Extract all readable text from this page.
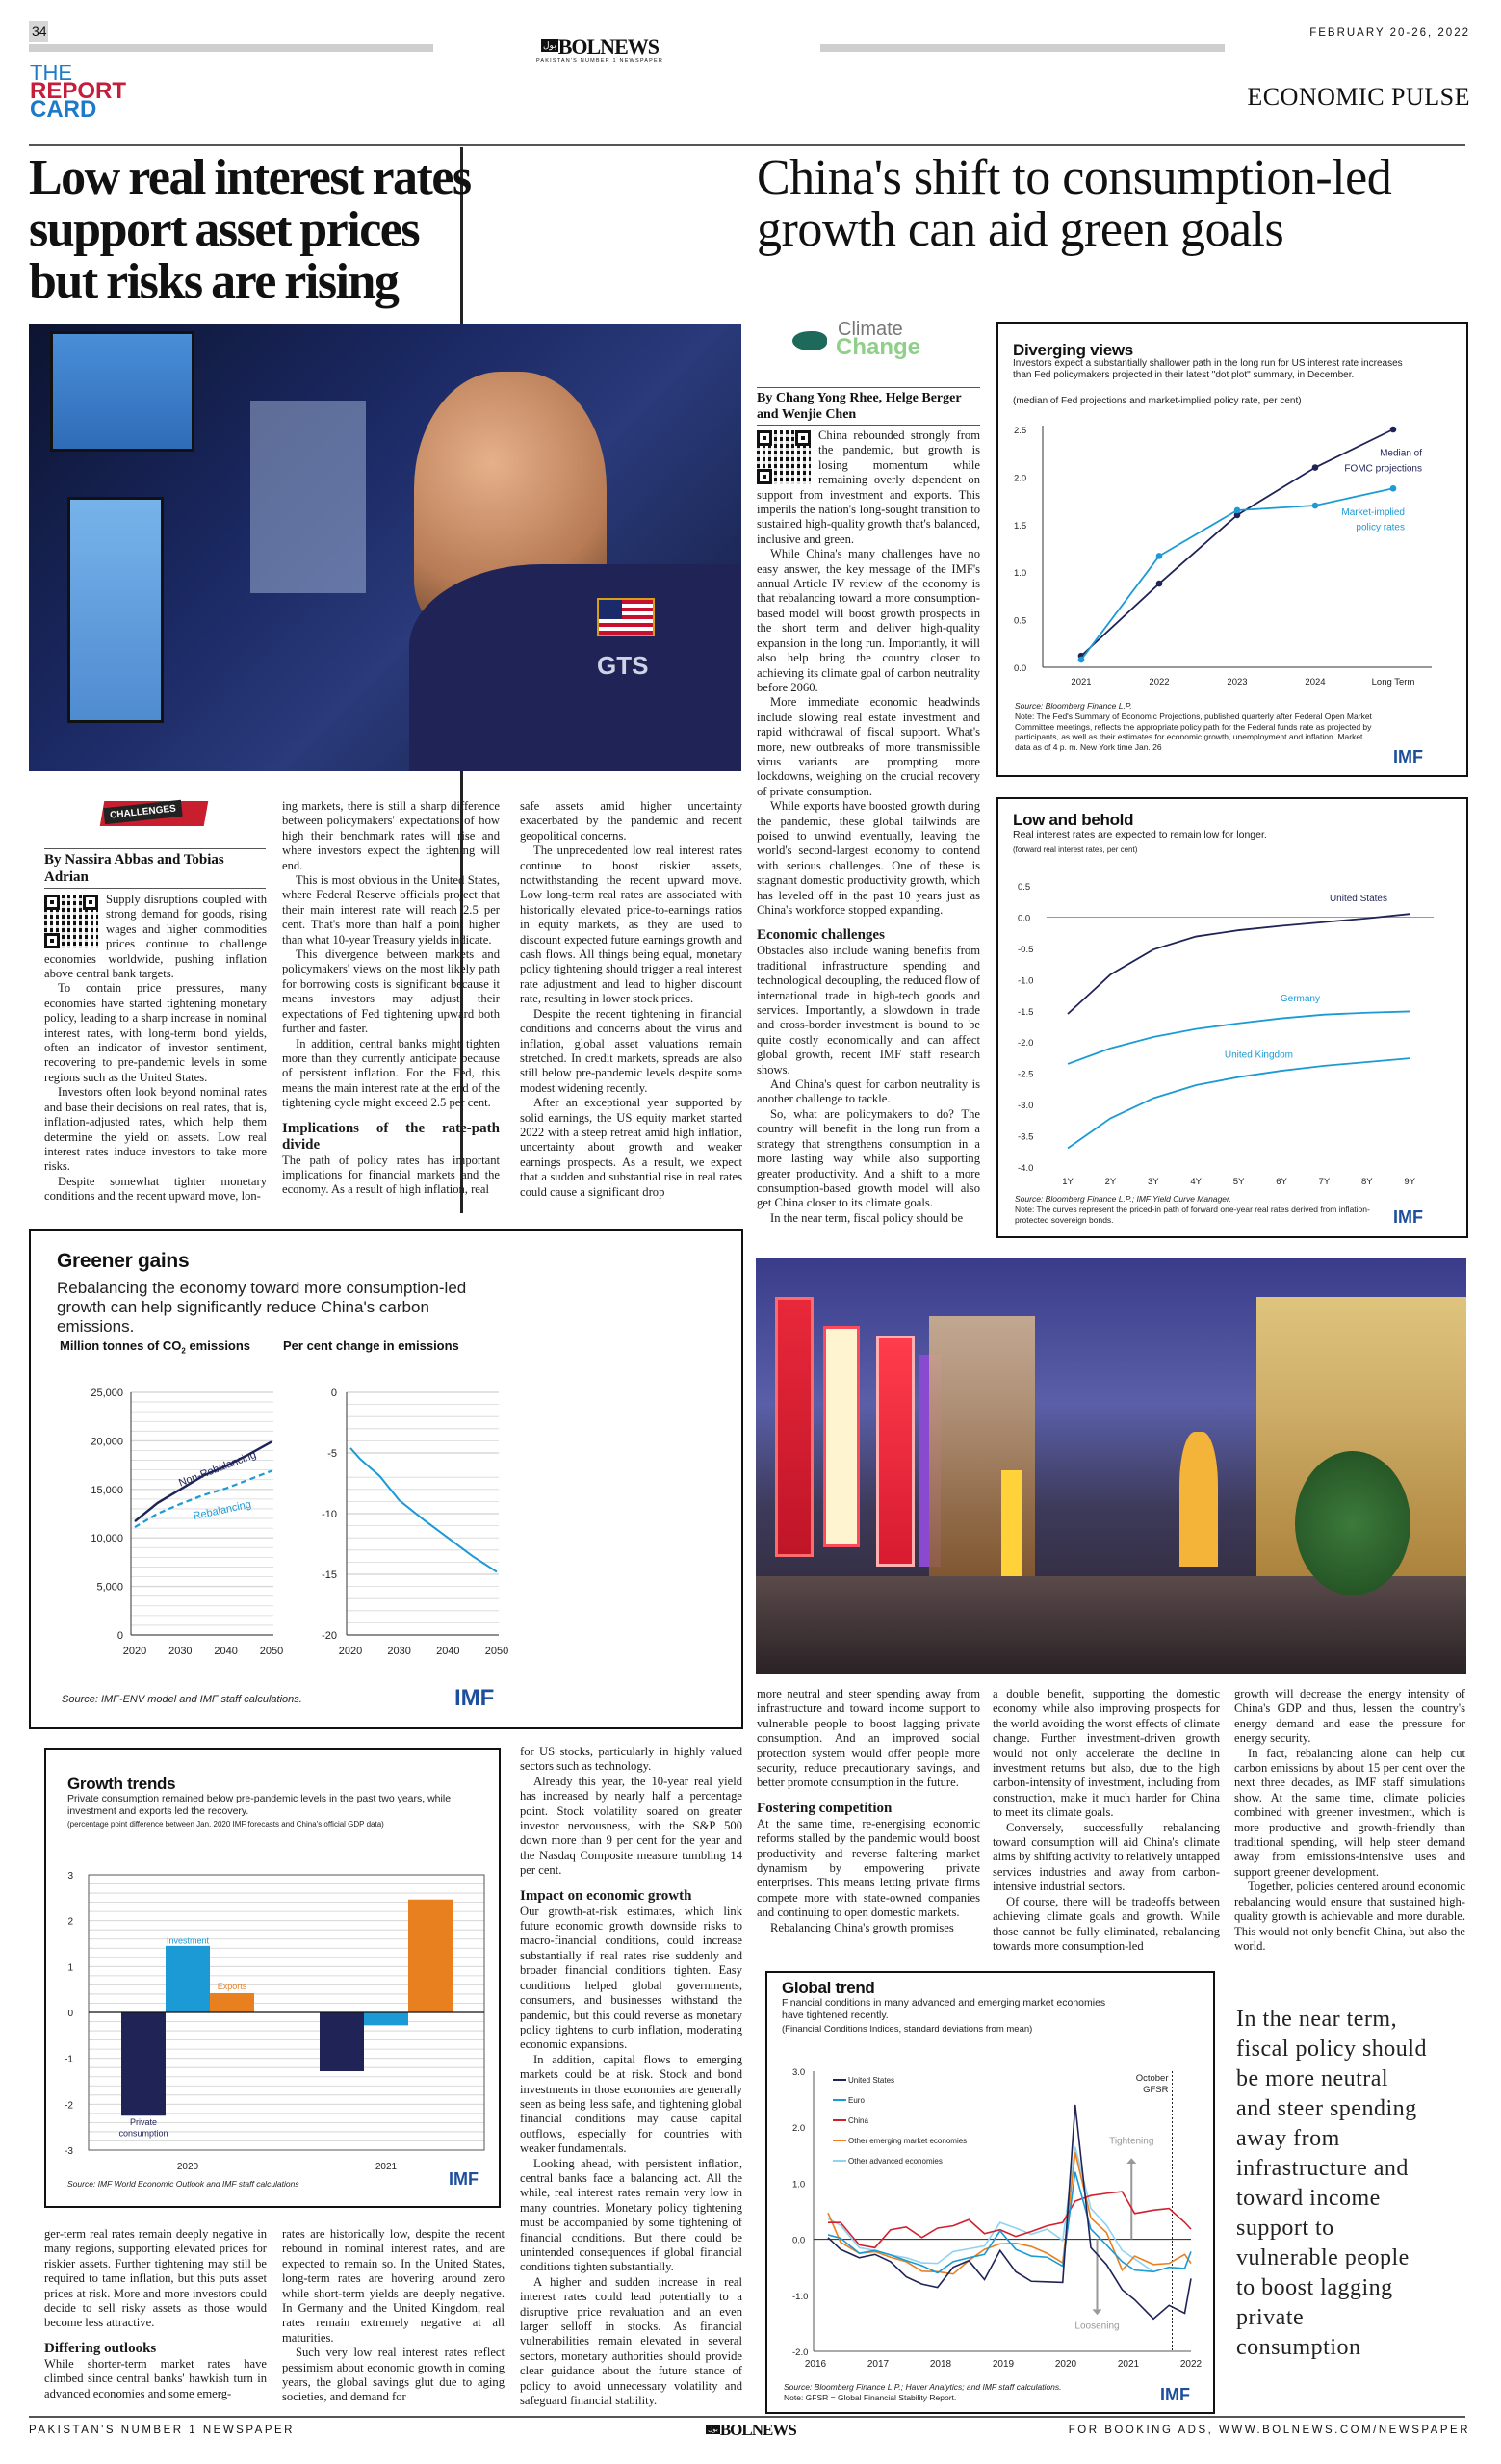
34
بولBOLNEWS
PAKISTAN'S NUMBER 1 NEWSPAPER
FEBRUARY 20-26, 2022
THE
REPORT
CARD	ECONOMIC PULSE
Low real interest rates support asset prices but risks are rising
GTS
CHALLENGES
By Nassira Abbas and Tobias Adrian

Supply disruptions coupled with strong demand for goods, rising wages and higher commodities prices continue to challenge economies worldwide, pushing inflation above central bank targets.

To contain price pressures, many economies have started tightening monetary policy, leading to a sharp increase in nominal interest rates, with long-term bond yields, often an indicator of investor sentiment, recovering to pre-pandemic levels in some regions such as the United States.

Investors often look beyond nominal rates and base their decisions on real rates, that is, inflation-adjusted rates, which help them determine the yield on assets. Low real interest rates induce investors to take more risks.

Despite somewhat tighter monetary conditions and the recent upward move, lon-

ing markets, there is still a sharp difference between policymakers' expectations of how high their benchmark rates will rise and where investors expect the tightening will end.

This is most obvious in the United States, where Federal Reserve officials project that their main interest rate will reach 2.5 per cent. That's more than half a point higher than what 10-year Treasury yields indicate.

This divergence between markets and policymakers' views on the most likely path for borrowing costs is significant because it means investors may adjust their expectations of Fed tightening upward both further and faster.

In addition, central banks might tighten more than they currently anticipate because of persistent inflation. For the Fed, this means the main interest rate at the end of the tightening cycle might exceed 2.5 per cent.

Implications of the rate-path divide

The path of policy rates has important implications for financial markets and the economy. As a result of high inflation, real

safe assets amid higher uncertainty exacerbated by the pandemic and recent geopolitical concerns.

The unprecedented low real interest rates continue to boost riskier assets, notwithstanding the recent upward move. Low long-term real rates are associated with historically elevated price-to-earnings ratios in equity markets, as they are used to discount expected future earnings growth and cash flows. All things being equal, monetary policy tightening should trigger a real interest rate adjustment and lead to higher discount rate, resulting in lower stock prices.

Despite the recent tightening in financial conditions and concerns about the virus and inflation, global asset valuations remain stretched. In credit markets, spreads are also still below pre-pandemic levels despite some modest widening recently.

After an exceptional year supported by solid earnings, the US equity market started 2022 with a steep retreat amid high inflation, uncertainty about growth and weaker earnings prospects. As a result, we expect that a sudden and substantial rise in real rates could cause a significant drop

China's shift to consumption-led growth can aid green goals
Climate
Change
By Chang Yong Rhee, Helge Berger and Wenjie Chen

China rebounded strongly from the pandemic, but growth is losing momentum while remaining overly dependent on support from investment and exports. This imperils the nation's long-sought transition to sustained high-quality growth that's balanced, inclusive and green.

While China's many challenges have no easy answer, the key message of the IMF's annual Article IV review of the economy is that rebalancing toward a more consumption-based model will boost growth prospects in the short term and deliver high-quality expansion in the long run. Importantly, it will also help bring the country closer to achieving its climate goal of carbon neutrality before 2060.

More immediate economic headwinds include slowing real estate investment and rapid withdrawal of fiscal support. What's more, new outbreaks of more transmissible virus variants are prompting more lockdowns, weighing on the crucial recovery of private consumption.

While exports have boosted growth during the pandemic, these global tailwinds are poised to unwind eventually, leaving the world's second-largest economy to contend with serious challenges. One of these is stagnant domestic productivity growth, which has leveled off in the past 10 years just as China's workforce stopped expanding.

Economic challenges

Obstacles also include waning benefits from traditional infrastructure spending and technological decoupling, the reduced flow of international trade in high-tech goods and services. Importantly, a slowdown in trade and cross-border investment is bound to be quite costly economically and can affect global growth, recent IMF staff research shows.

And China's quest for carbon neutrality is another challenge to tackle.

So, what are policymakers to do? The country will benefit in the long run from a strategy that strengthens consumption in a more lasting way while also supporting greater productivity. And a shift to a more consumption-based growth model will also get China closer to its climate goals.

In the near term, fiscal policy should be

Diverging views
Investors expect a substantially shallower path in the long run for US interest rate increases than Fed policymakers projected in their latest "dot plot" summary, in December.
(median of Fed projections and market-implied policy rate, per cent)
0.0
0.5
1.0
1.5
2.0
2.5
2021	2022	2023	2024	Long Term
Median of
FOMC projections
Market-implied
policy rates
Source: Bloomberg Finance L.P.
Note: The Fed's Summary of Economic Projections, published quarterly after Federal Open Market Committee meetings, reflects the appropriate policy path for the Federal funds rate as projected by participants, as well as their estimates for economic growth, unemployment and inflation. Market data as of 4 p. m. New York time Jan. 26
IMF
Low and behold
Real interest rates are expected to remain low for longer.
(forward real interest rates, per cent)
0.5
0.0
-0.5
-1.0
-1.5
-2.0
-2.5
-3.0
-3.5
-4.0
1Y	2Y	3Y	4Y	5Y	6Y	7Y	8Y	9Y
United States
Germany
United Kingdom
Source: Bloomberg Finance L.P.; IMF Yield Curve Manager.
Note: The curves represent the priced-in path of forward one-year real rates derived from inflation-protected sovereign bonds.	IMF
Greener gains
Rebalancing the economy toward more consumption-led growth can help significantly reduce China's carbon emissions.
Million tonnes of $CO_2$ emissions	Per cent change in emissions
0
5,000
10,000
15,000
20,000
25,000
2020 2030 2040 2050
Non-Rebalancing
Rebalancing
0
-5
-10
-15
-20
2020 2030 2040 2050
Source: IMF-ENV model and IMF staff calculations.	IMF	more neutral and steer spending away from infrastructure and toward income support to vulnerable people to boost lagging private consumption. And an improved social protection system would offer people more security, reduce precautionary savings, and better promote consumption in the future.

Fostering competition

At the same time, re-energising economic reforms stalled by the pandemic would boost productivity and reverse faltering market dynamism by empowering private enterprises. This means letting private firms compete more with state-owned companies and continuing to open domestic markets.

Rebalancing China's growth promises

a double benefit, supporting the domestic economy while also improving prospects for the world avoiding the worst effects of climate change. Further investment-driven growth would not only accelerate the decline in investment returns but also, due to the high carbon-intensity of investment, including from construction, make it much harder for China to meet its climate goals.

Conversely, successfully rebalancing toward consumption will aid China's climate aims by shifting activity to relatively untapped services industries and away from carbon-intensive industrial sectors.

Of course, there will be tradeoffs between achieving climate goals and growth. While those cannot be fully eliminated, rebalancing towards more consumption-led

growth will decrease the energy intensity of China's GDP and thus, lessen the country's energy demand and ease the pressure for energy security.

In fact, rebalancing alone can help cut carbon emissions by about 15 per cent over the next three decades, as IMF staff simulations show. At the same time, climate policies combined with greener investment, which is more productive and growth-friendly than traditional spending, will help steer demand away from emissions-intensive uses and support greener development.

Together, policies centered around economic rebalancing would ensure that sustained high-quality growth is achievable and more durable. This would not only benefit China, but also the world.

Global trend
Financial conditions in many advanced and emerging market economies have tightened recently.
(Financial Conditions Indices, standard deviations from mean)
3.0
2.0
1.0
0.0
-1.0
-2.0
2016	2017	2018	2019	2020	2021	2022
October
GFSR
Tightening
Loosening
United States
Euro
China
Other emerging market economies
Other advanced economies
Source: Bloomberg Finance L.P.; Haver Analytics; and IMF staff calculations.
Note: GFSR = Global Financial Stability Report.	IMF
In the near term, fiscal policy should be more neutral and steer spending away from infrastructure and toward income support to vulnerable people to boost lagging private consumption
Growth trends
Private consumption remained below pre-pandemic levels in the past two years, while investment and exports led the recovery.
(percentage point difference between Jan. 2020 IMF forecasts and China's official GDP data)
3
2
1
0
-1
-2
-3
2020	2021
Private
consumption
Investment
Exports
Source: IMF World Economic Outlook and IMF staff calculations	IMF

for US stocks, particularly in highly valued sectors such as technology.

Already this year, the 10-year real yield has increased by nearly half a percentage point. Stock volatility soared on greater investor nervousness, with the S&P 500 down more than 9 per cent for the year and the Nasdaq Composite measure tumbling 14 per cent.

Impact on economic growth

Our growth-at-risk estimates, which link future economic growth downside risks to macro-financial conditions, could increase substantially if real rates rise suddenly and broader financial conditions tighten. Easy conditions helped global governments, consumers, and businesses withstand the pandemic, but this could reverse as monetary policy tightens to curb inflation, moderating economic expansions.

In addition, capital flows to emerging markets could be at risk. Stock and bond investments in those economies are generally seen as being less safe, and tightening global financial conditions may cause capital outflows, especially for countries with weaker fundamentals.

Looking ahead, with persistent inflation, central banks face a balancing act. All the while, real interest rates remain very low in many countries. Monetary policy tightening must be accompanied by some tightening of financial conditions. But there could be unintended consequences if global financial conditions tighten substantially.

A higher and sudden increase in real interest rates could lead potentially to a disruptive price revaluation and an even larger selloff in stocks. As financial vulnerabilities remain elevated in several sectors, monetary authorities should provide clear guidance about the future stance of policy to avoid unnecessary volatility and safeguard financial stability.

ger-term real rates remain deeply negative in many regions, supporting elevated prices for riskier assets. Further tightening may still be required to tame inflation, but this puts asset prices at risk. More and more investors could decide to sell risky assets as those would become less attractive.

Differing outlooks

While shorter-term market rates have climbed since central banks' hawkish turn in advanced economies and some emerg-

rates are historically low, despite the recent rebound in nominal interest rates, and are expected to remain so. In the United States, long-term rates are hovering around zero while short-term yields are deeply negative. In Germany and the United Kingdom, real rates remain extremely negative at all maturities.

Such very low real interest rates reflect pessimism about economic growth in coming years, the global savings glut due to aging societies, and demand for

PAKISTAN'S NUMBER 1 NEWSPAPER	بول BOLNEWS	FOR BOOKING ADS, WWW.BOLNEWS.COM/NEWSPAPER
